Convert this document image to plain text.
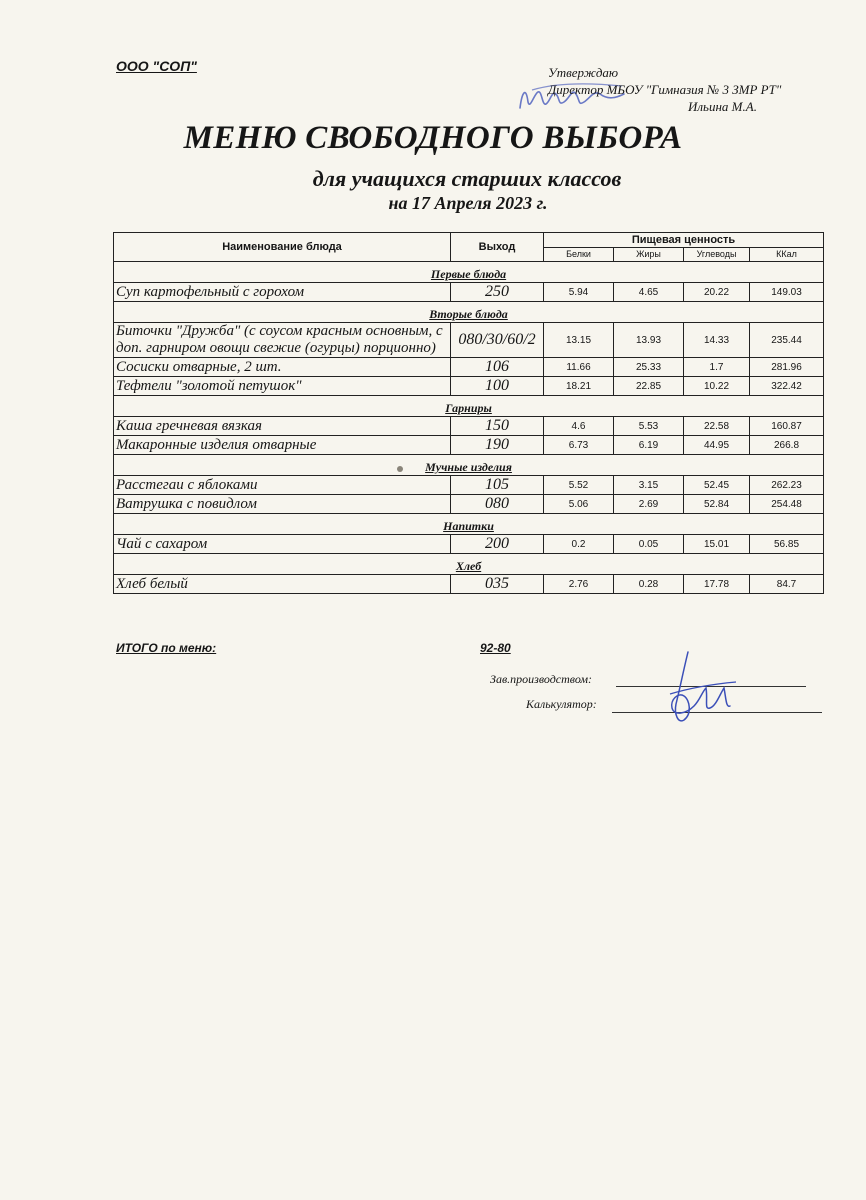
ООО "СОП"	Утверждаю
Директор МБОУ "Гимназия № 3 ЗМР РТ"
Ильина М.А.
МЕНЮ СВОБОДНОГО ВЫБОРА
для учащихся старших классов
на 17 Апреля 2023 г.
Наименование блюда	Выход	Пищевая ценность			
		Белки	Жиры	Углеводы	ККал
Первые блюда					
Суп картофельный с горохом	250	5.94	4.65	20.22	149.03
Вторые блюда					
Биточки "Дружба" (с соусом красным основным, с доп. гарниром овощи свежие (огурцы) порционно)	080/30/60/2	13.15	13.93	14.33	235.44
Сосиски отварные, 2 шт.	106	11.66	25.33	1.7	281.96
Тефтели "золотой петушок"	100	18.21	22.85	10.22	322.42
Гарниры					
Каша гречневая вязкая	150	4.6	5.53	22.58	160.87
Макаронные изделия отварные	190	6.73	6.19	44.95	266.8
Мучные изделия					
Расстегаи с яблоками	105	5.52	3.15	52.45	262.23
Ватрушка с повидлом	080	5.06	2.69	52.84	254.48
Напитки					
Чай с сахаром	200	0.2	0.05	15.01	56.85
Хлеб					
Хлеб белый	035	2.76	0.28	17.78	84.7
ИТОГО по меню:	92-80
Зав.производством:
Калькулятор:
